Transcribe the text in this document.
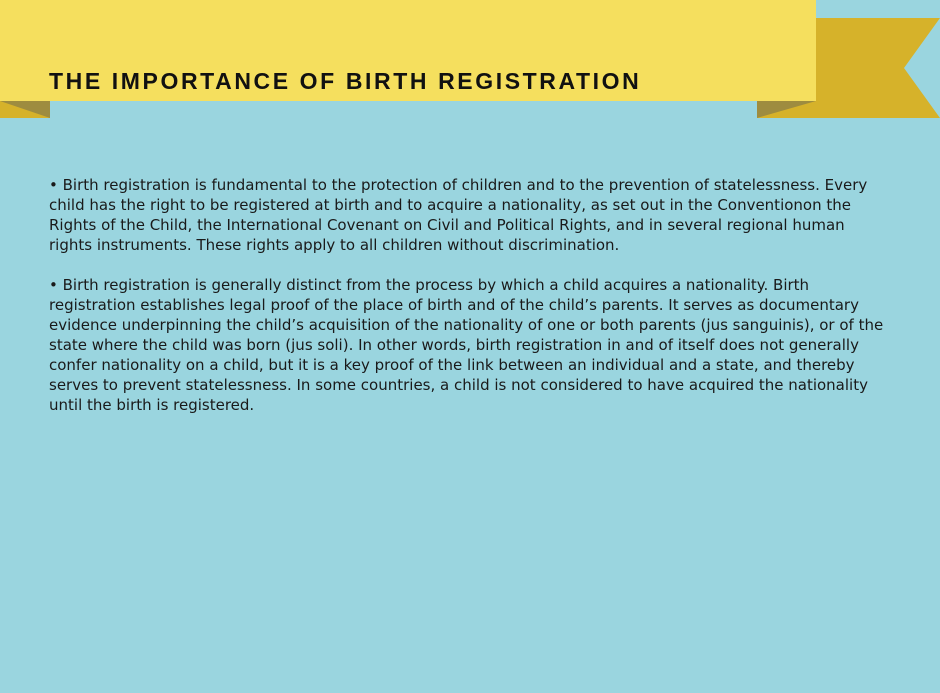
THE IMPORTANCE OF BIRTH REGISTRATION

• Birth registration is fundamental to the protection of children and to the prevention of statelessness. Every child has the right to be registered at birth and to acquire a nationality, as set out in the Conventionon the Rights of the Child, the International Covenant on Civil and Political Rights, and in several regional human rights instruments. These rights apply to all children without discrimination.

• Birth registration is generally distinct from the process by which a child acquires a nationality. Birth registration establishes legal proof of the place of birth and of the child’s parents. It serves as documentary evidence underpinning the child’s acquisition of the nationality of one or both parents (jus sanguinis), or of the state where the child was born (jus soli). In other words, birth registration in and of itself does not generally confer nationality on a child, but it is a key proof of the link between an individual and a state, and thereby serves to prevent statelessness. In some countries, a child is not considered to have acquired the nationality until the birth is registered.
